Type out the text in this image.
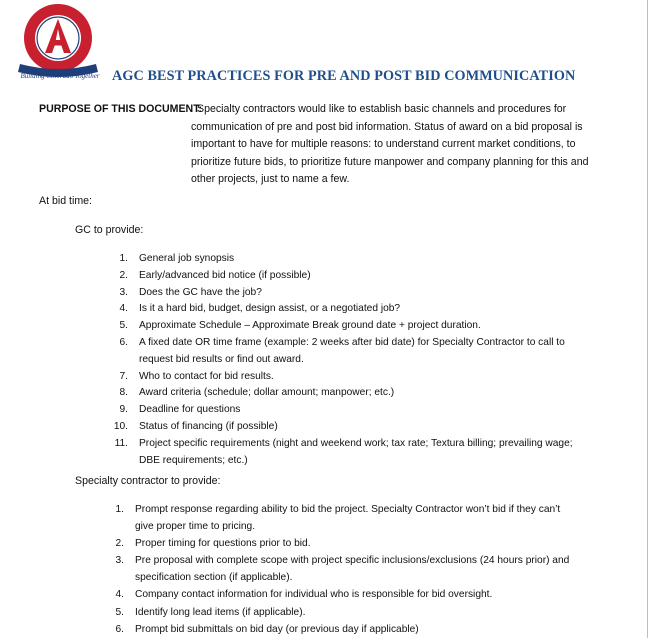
Building Colorado Together AGC BEST PRACTICES FOR PRE AND POST BID COMMUNICATION
PURPOSE OF THIS DOCUMENT:
Specialty contractors would like to establish basic channels and procedures for
communication of pre and post bid information. Status of award on a bid proposal is
important to have for multiple reasons: to understand current market conditions, to
prioritize future bids, to prioritize future manpower and company planning for this and
other projects, just to name a few.
At bid time:
GC to provide:
1. General job synopsis
2. Early/advanced bid notice (if possible)
3. Does the GC have the job?
4. Is it a hard bid, budget, design assist, or a negotiated job?
5. Approximate Schedule – Approximate Break ground date + project duration.
6. A fixed date OR time frame (example: 2 weeks after bid date) for Specialty Contractor to call to
request bid results or find out award.
7. Who to contact for bid results.
8. Award criteria (schedule; dollar amount; manpower; etc.)
9. Deadline for questions
10. Status of financing (if possible)
11. Project specific requirements (night and weekend work; tax rate; Textura billing; prevailing wage;
DBE requirements; etc.)
Specialty contractor to provide:
1. Prompt response regarding ability to bid the project. Specialty Contractor won’t bid if they can’t
give proper time to pricing.
2. Proper timing for questions prior to bid.
3. Pre proposal with complete scope with project specific inclusions/exclusions (24 hours prior) and
specification section (if applicable).
4. Company contact information for individual who is responsible for bid oversight.
5. Identify long lead items (if applicable).
6. Prompt bid submittals on bid day (or previous day if applicable)
